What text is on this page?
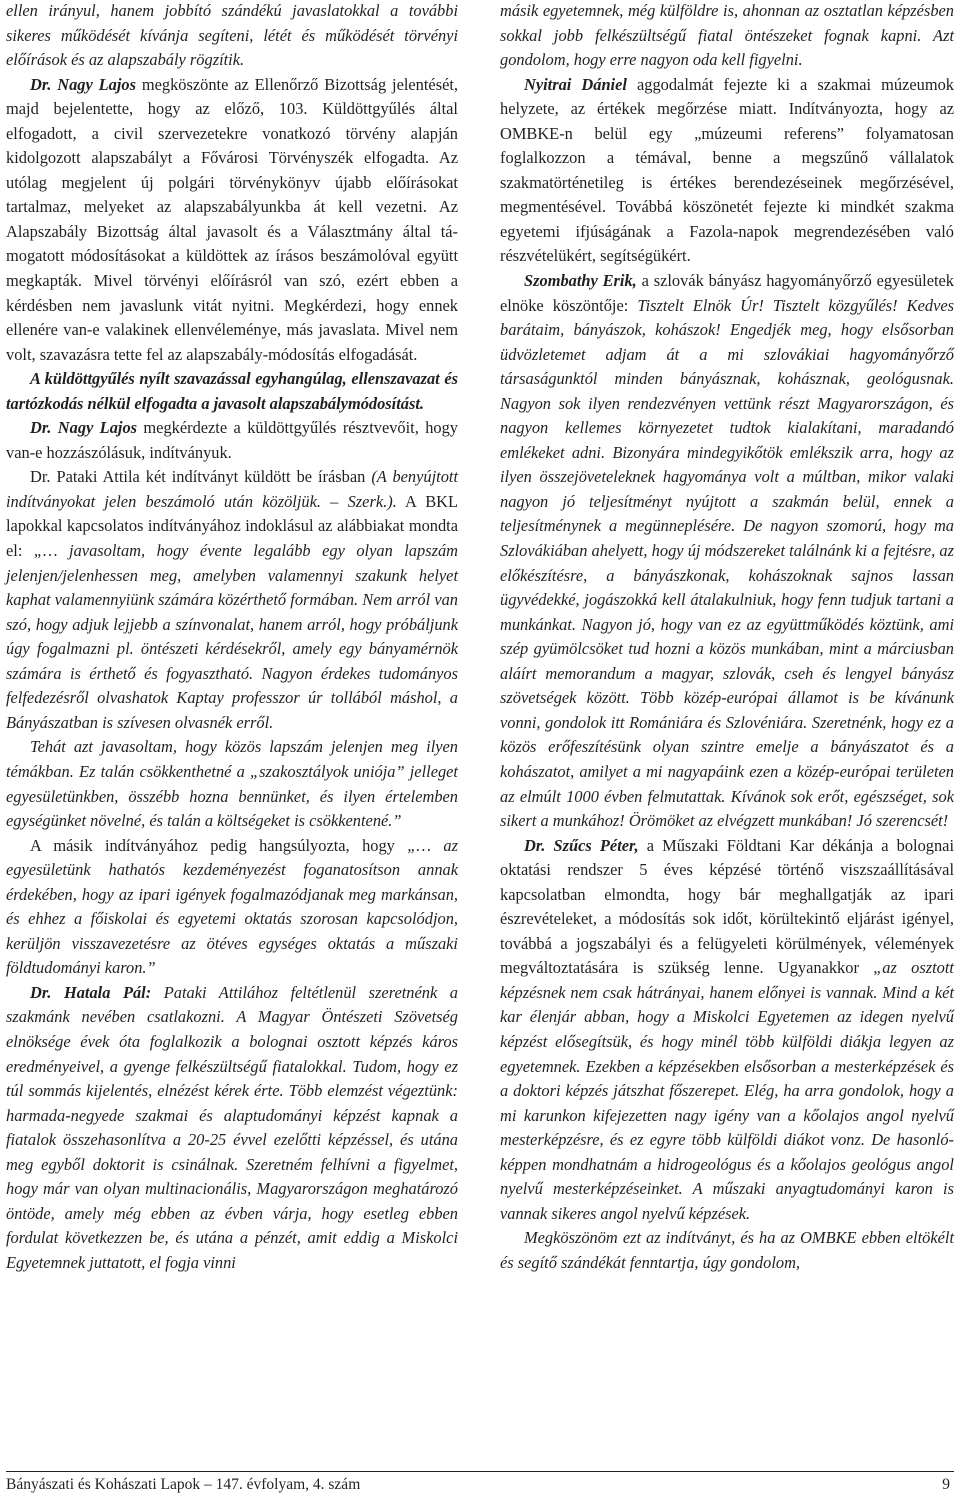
ellen irányul, hanem jobbító szándékú javaslatokkal a további sikeres működését kívánja segíteni, létét és működését törvényi előírások és az alapszabály rögzítik.

Dr. Nagy Lajos megköszönte az Ellenőrző Bizottság jelentését, majd bejelentette, hogy az előző, 103. Küldöttgyűlés által elfogadott, a civil szervezetekre vonatkozó törvény alapján kidolgozott alapszabályt a Fővárosi Törvényszék elfogadta. Az utólag megjelent új polgári törvénykönyv újabb előírásokat tartalmaz, melyeket az alapszabályunkba át kell vezetni. Az Alapszabály Bizottság által javasolt és a Választmány által támogatott módosításokat a küldöttek az írásos beszámolóval együtt megkapták. Mivel törvényi előírásról van szó, ezért ebben a kérdésben nem javaslunk vitát nyitni. Megkérdezi, hogy ennek ellenére van-e valakinek ellenvéleménye, más javaslata. Mivel nem volt, szavazásra tette fel az alapszabály-módosítás elfogadását.

A küldöttgyűlés nyílt szavazással egyhangúlag, ellenszavazat és tartózkodás nélkül elfogadta a javasolt alapszabálymódosítást.

Dr. Nagy Lajos megkérdezte a küldöttgyűlés résztvevőit, hogy van-e hozzászólásuk, indítványuk.

Dr. Pataki Attila két indítványt küldött be írásban (A benyújtott indítványokat jelen beszámoló után közöljük. – Szerk.). A BKL lapokkal kapcsolatos indítványához indoklásul az alábbiakat mondta el: „… javasoltam, hogy évente legalább egy olyan lapszám jelenjen/jelenhessen meg, amelyben valamennyi szakunk helyet kaphat valamennyiünk számára közérthető formában. Nem arról van szó, hogy adjuk lejjebb a színvonalat, hanem arról, hogy próbáljunk úgy fogalmazni pl. öntészeti kérdésekről, amely egy bányamérnök számára is érthető és fogyasztható. Nagyon érdekes tudományos felfedezésről olvashatok Kaptay professzor úr tollából máshol, a Bányászatban is szívesen olvasnék erről.

Tehát azt javasoltam, hogy közös lapszám jelenjen meg ilyen témákban. Ez talán csökkenthetné a „szakosztályok uniója” jelleget egyesületünkben, összébb hozna bennünket, és ilyen értelemben egységünket növelné, és talán a költségeket is csökkentené.”

A másik indítványához pedig hangsúlyozta, hogy „… az egyesületünk hathatós kezdeményezést foganatosítson annak érdekében, hogy az ipari igények fogalmazódjanak meg markánsan, és ehhez a főiskolai és egyetemi oktatás szorosan kapcsolódjon, kerüljön visszavezetésre az ötéves egységes oktatás a műszaki földtudományi karon.”

Dr. Hatala Pál: Pataki Attilához feltétlenül szeretnénk a szakmánk nevében csatlakozni. A Magyar Öntészeti Szövetség elnöksége évek óta foglalkozik a bolognai osztott képzés káros eredményeivel, a gyenge felkészültségű fiatalokkal. Tudom, hogy ez túl sommás kijelentés, elnézést kérek érte. Több elemzést végeztünk: harmada-negyede szakmai és alaptudományi képzést kapnak a fiatalok összehasonlítva a 20-25 évvel ezelőtti képzéssel, és utána meg egyből doktorit is csinálnak. Szeretném felhívni a figyelmet, hogy már van olyan multinacionális, Magyarországon meghatározó öntöde, amely még ebben az évben várja, hogy esetleg ebben fordulat következzen be, és utána a pénzét, amit eddig a Miskolci Egyetemnek juttatott, el fogja vinni

másik egyetemnek, még külföldre is, ahonnan az osztatlan képzésben sokkal jobb felkészültségű fiatal öntészeket fognak kapni. Azt gondolom, hogy erre nagyon oda kell figyelni.

Nyitrai Dániel aggodalmát fejezte ki a szakmai múzeumok helyzete, az értékek megőrzése miatt. Indítványozta, hogy az OMBKE-n belül egy „múzeumi referens” folyamatosan foglalkozzon a témával, benne a megszűnő vállalatok szakmatörténetileg is értékes berendezéseinek megőrzésével, megmentésével. Továbbá köszönetét fejezte ki mindkét szakma egyetemi ifjúságának a Fazola-napok megrendezésében való részvételükért, segítségükért.

Szombathy Erik, a szlovák bányász hagyományőrző egyesületek elnöke köszöntője: Tisztelt Elnök Úr! Tisztelt közgyűlés! Kedves barátaim, bányászok, kohászok! Engedjék meg, hogy elsősorban üdvözletemet adjam át a mi szlovákiai hagyományőrző társaságunktól minden bányásznak, kohásznak, geológusnak. Nagyon sok ilyen rendezvényen vettünk részt Magyarországon, és nagyon kellemes környezetet tudtok kialakítani, maradandó emlékeket adni. Bizonyára mindegyikőtök emlékszik arra, hogy az ilyen összejöveteleknek hagyománya volt a múltban, mikor valaki nagyon jó teljesítményt nyújtott a szakmán belül, ennek a teljesítménynek a megünneplésére. De nagyon szomorú, hogy ma Szlovákiában ahelyett, hogy új módszereket találnánk ki a fejtésre, az előkészítésre, a bányászkonak, kohászoknak sajnos lassan ügyvédekké, jogászokká kell átalakulniuk, hogy fenn tudjuk tartani a munkánkat. Nagyon jó, hogy van ez az együttműködés köztünk, ami szép gyümölcsöket tud hozni a közös munkában, mint a márciusban aláírt memorandum a magyar, szlovák, cseh és lengyel bányász szövetségek között. Több közép-európai államot is be kívánunk vonni, gondolok itt Romániára és Szlovéniára. Szeretnénk, hogy ez a közös erőfeszítésünk olyan szintre emelje a bányászatot és a kohászatot, amilyet a mi nagyapáink ezen a közép-európai területen az elmúlt 1000 évben felmutattak. Kívánok sok erőt, egészséget, sok sikert a munkához! Örömöket az elvégzett munkában! Jó szerencsét!

Dr. Szűcs Péter, a Műszaki Földtani Kar dékánja a bolognai oktatási rendszer 5 éves képzésé történő viszszaállításával kapcsolatban elmondta, hogy bár meghallgatják az ipari észrevételeket, a módosítás sok időt, körültekintő eljárást igényel, továbbá a jogszabályi és a felügyeleti körülmények, vélemények megváltoztatására is szükség lenne. Ugyanakkor „az osztott képzésnek nem csak hátrányai, hanem előnyei is vannak. Mind a két kar élenjár abban, hogy a Miskolci Egyetemen az idegen nyelvű képzést elősegítsük, és hogy minél több külföldi diákja legyen az egyetemnek. Ezekben a képzésekben elsősorban a mesterképzések és a doktori képzés játszhat főszerepet. Elég, ha arra gondolok, hogy a mi karunkon kifejezetten nagy igény van a kőolajos angol nyelvű mesterképzésre, és ez egyre több külföldi diákot vonz. De hasonlóképpen mondhatnám a hidrogeológus és a kőolajos geológus angol nyelvű mesterképzéseinket. A műszaki anyagtudományi karon is vannak sikeres angol nyelvű képzések.

Megköszönöm ezt az indítványt, és ha az OMBKE ebben eltökélt és segítő szándékát fenntartja, úgy gondolom,

Bányászati és Kohászati Lapok – 147. évfolyam, 4. szám	9
